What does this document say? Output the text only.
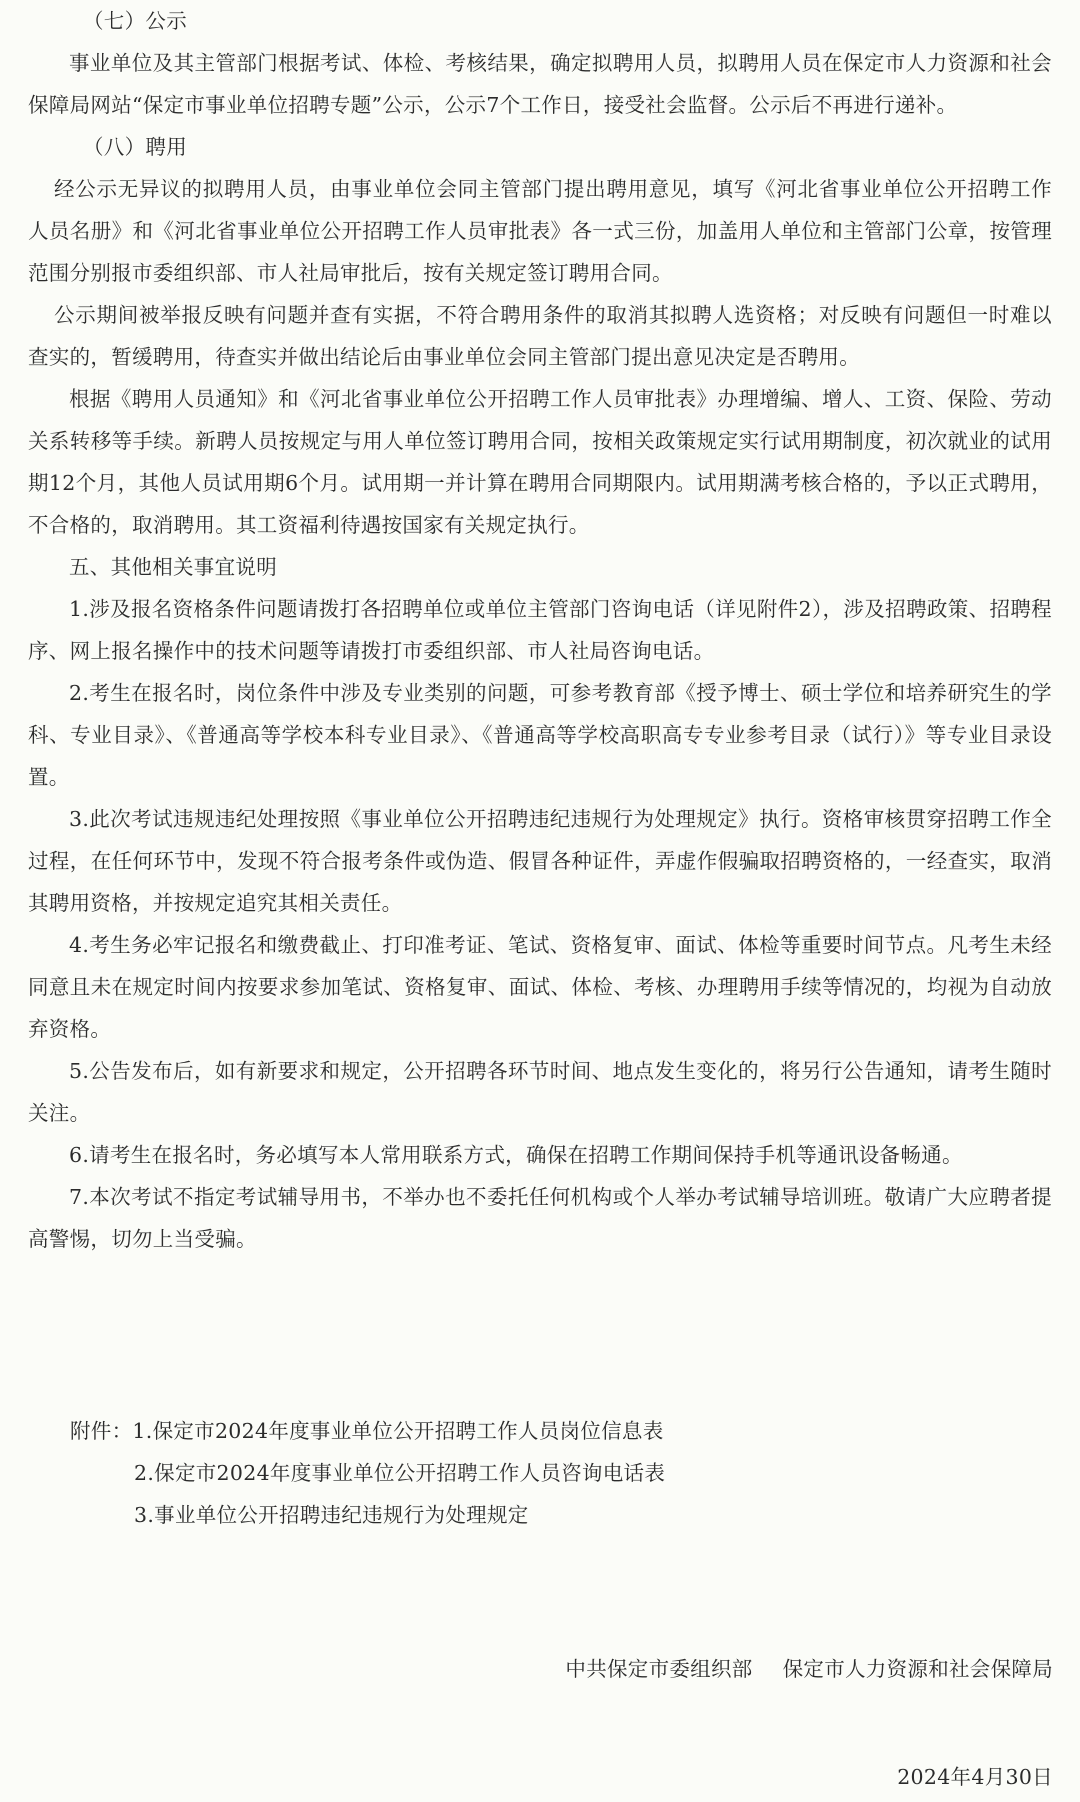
（七）公示

事业单位及其主管部门根据考试、体检、考核结果，确定拟聘用人员，拟聘用人员在保定市人力资源和社会保障局网站“保定市事业单位招聘专题”公示，公示7个工作日，接受社会监督。公示后不再进行递补。

（八）聘用

经公示无异议的拟聘用人员，由事业单位会同主管部门提出聘用意见，填写《河北省事业单位公开招聘工作人员名册》和《河北省事业单位公开招聘工作人员审批表》各一式三份，加盖用人单位和主管部门公章，按管理范围分别报市委组织部、市人社局审批后，按有关规定签订聘用合同。

公示期间被举报反映有问题并查有实据，不符合聘用条件的取消其拟聘人选资格；对反映有问题但一时难以查实的，暂缓聘用，待查实并做出结论后由事业单位会同主管部门提出意见决定是否聘用。

根据《聘用人员通知》和《河北省事业单位公开招聘工作人员审批表》办理增编、增人、工资、保险、劳动关系转移等手续。新聘人员按规定与用人单位签订聘用合同，按相关政策规定实行试用期制度，初次就业的试用期12个月，其他人员试用期6个月。试用期一并计算在聘用合同期限内。试用期满考核合格的，予以正式聘用，不合格的，取消聘用。其工资福利待遇按国家有关规定执行。

五、其他相关事宜说明

1.涉及报名资格条件问题请拨打各招聘单位或单位主管部门咨询电话（详见附件2），涉及招聘政策、招聘程序、网上报名操作中的技术问题等请拨打市委组织部、市人社局咨询电话。

2.考生在报名时，岗位条件中涉及专业类别的问题，可参考教育部《授予博士、硕士学位和培养研究生的学科、专业目录》、《普通高等学校本科专业目录》、《普通高等学校高职高专专业参考目录（试行）》等专业目录设置。

3.此次考试违规违纪处理按照《事业单位公开招聘违纪违规行为处理规定》执行。资格审核贯穿招聘工作全过程，在任何环节中，发现不符合报考条件或伪造、假冒各种证件，弄虚作假骗取招聘资格的，一经查实，取消其聘用资格，并按规定追究其相关责任。

4.考生务必牢记报名和缴费截止、打印准考证、笔试、资格复审、面试、体检等重要时间节点。凡考生未经同意且未在规定时间内按要求参加笔试、资格复审、面试、体检、考核、办理聘用手续等情况的，均视为自动放弃资格。

5.公告发布后，如有新要求和规定，公开招聘各环节时间、地点发生变化的，将另行公告通知，请考生随时关注。

6.请考生在报名时，务必填写本人常用联系方式，确保在招聘工作期间保持手机等通讯设备畅通。

7.本次考试不指定考试辅导用书，不举办也不委托任何机构或个人举办考试辅导培训班。敬请广大应聘者提高警惕，切勿上当受骗。

附件：1.保定市2024年度事业单位公开招聘工作人员岗位信息表
2.保定市2024年度事业单位公开招聘工作人员咨询电话表
3.事业单位公开招聘违纪违规行为处理规定
中共保定市委组织部 保定市人力资源和社会保障局
2024年4月30日
